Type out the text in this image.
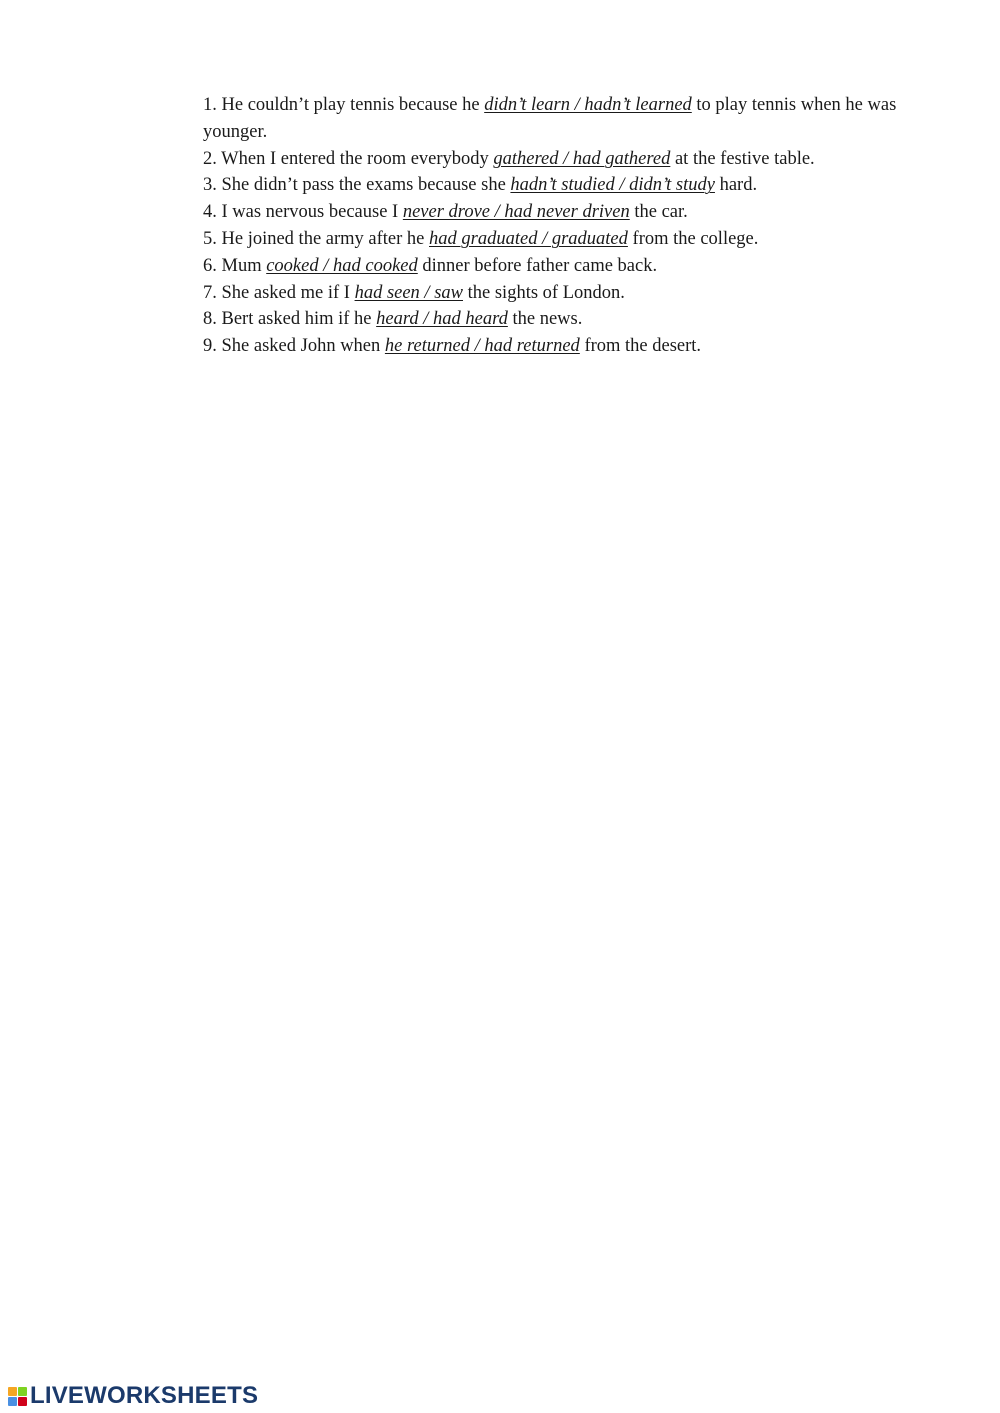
1. He couldn’t play tennis because he didn’t learn / hadn’t learned to play tennis when he was younger.

2. When I entered the room everybody gathered / had gathered at the festive table.

3. She didn’t pass the exams because she hadn’t studied / didn’t study hard.

4. I was nervous because I never drove / had never driven the car.

5. He joined the army after he had graduated / graduated from the college.

6. Mum cooked / had cooked dinner before father came back.

7. She asked me if I had seen / saw the sights of London.

8. Bert asked him if he heard / had heard the news.

9. She asked John when he returned / had returned from the desert.

LIVEWORKSHEETS
